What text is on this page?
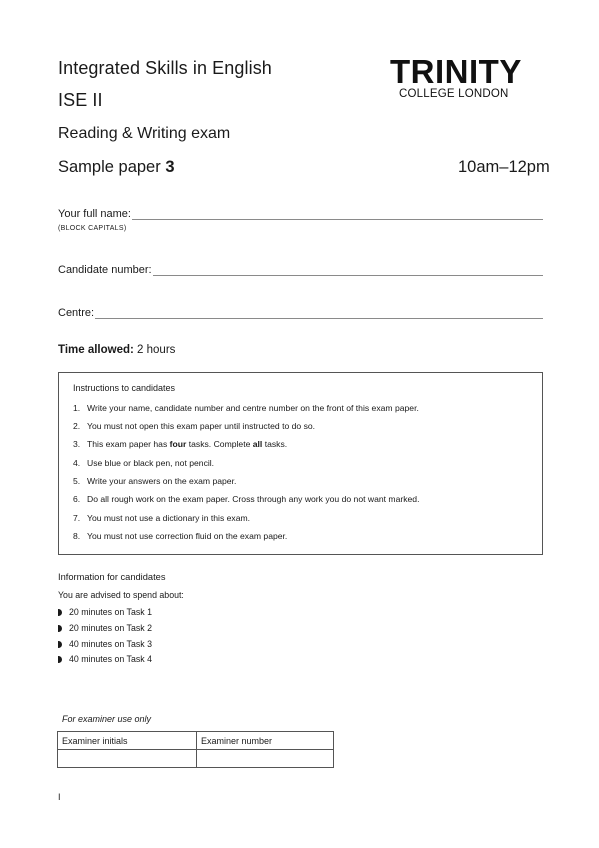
Integrated Skills in English
ISE II
Reading & Writing exam
Sample paper 3	10am–12pm
TRINITY
COLLEGE LONDON
Your full name:
(BLOCK CAPITALS)
Candidate number:
Centre:
Time allowed: 2 hours
Instructions to candidates
1. Write your name, candidate number and centre number on the front of this exam paper.
2. You must not open this exam paper until instructed to do so.
3. This exam paper has four tasks. Complete all tasks.
4. Use blue or black pen, not pencil.
5. Write your answers on the exam paper.
6. Do all rough work on the exam paper. Cross through any work you do not want marked.
7. You must not use a dictionary in this exam.
8. You must not use correction fluid on the exam paper.
Information for candidates
You are advised to spend about:
20 minutes on Task 1
20 minutes on Task 2
40 minutes on Task 3
40 minutes on Task 4
For examiner use only
Examiner initials	Examiner number

I
